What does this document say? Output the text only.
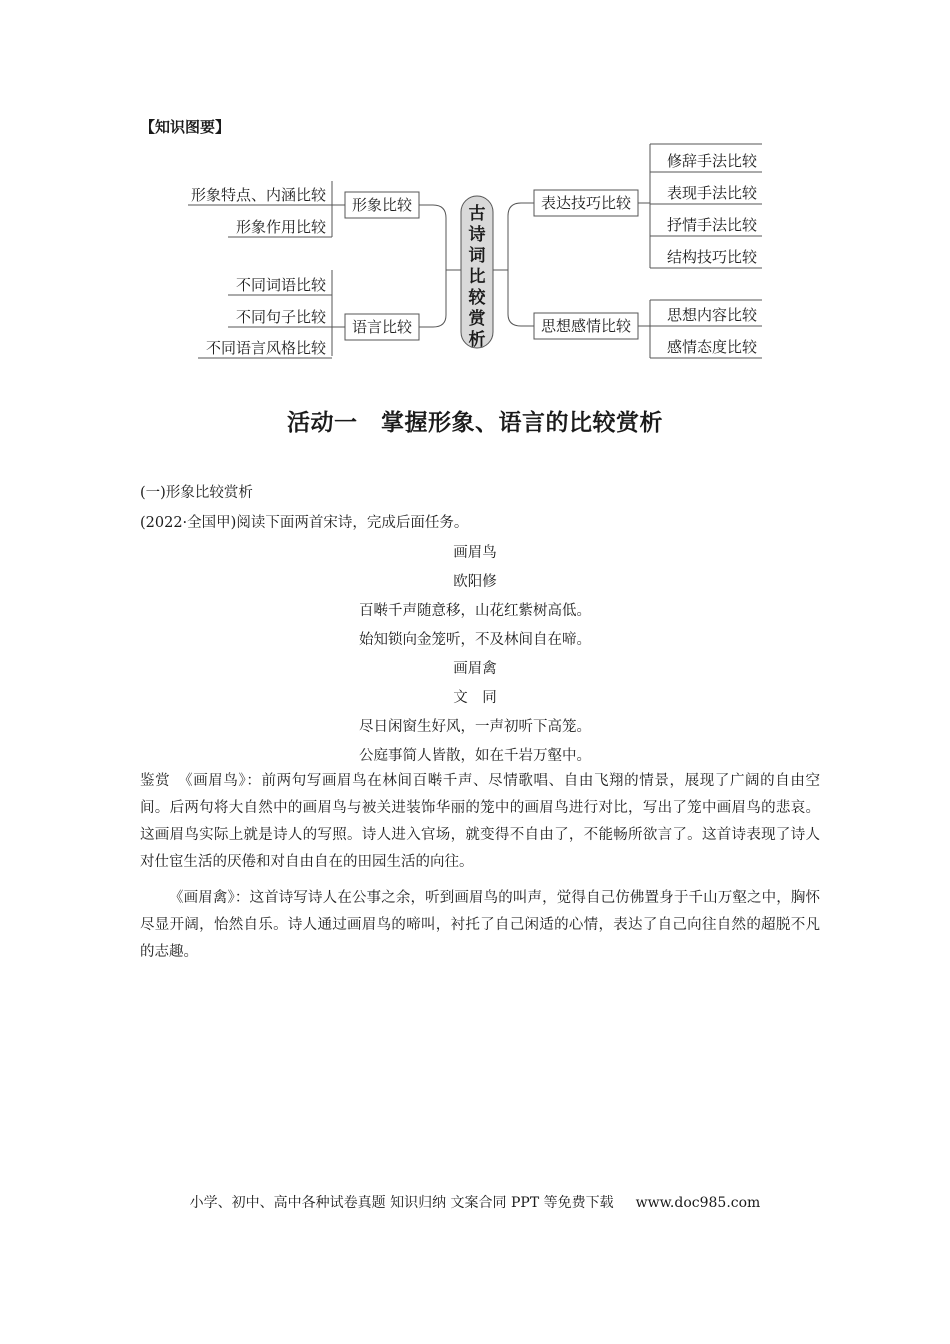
【知识图要】
古
诗
词
比
较
赏
析
形象比较
语言比较
表达技巧比较
思想感情比较
形象特点、内涵比较
形象作用比较
不同词语比较
不同句子比较
不同语言风格比较
修辞手法比较
表现手法比较
抒情手法比较
结构技巧比较
思想内容比较
感情态度比较
活动一　掌握形象、语言的比较赏析
(一)形象比较赏析
(2022·全国甲)阅读下面两首宋诗，完成后面任务。
画眉鸟
欧阳修
百啭千声随意移，山花红紫树高低。
始知锁向金笼听，不及林间自在啼。
画眉禽
文　同
尽日闲窗生好风，一声初听下高笼。
公庭事简人皆散，如在千岩万壑中。
鉴赏　《画眉鸟》：前两句写画眉鸟在林间百啭千声、尽情歌唱、自由飞翔的情景，展现了广阔的自由空间。后两句将大自然中的画眉鸟与被关进装饰华丽的笼中的画眉鸟进行对比，写出了笼中画眉鸟的悲哀。这画眉鸟实际上就是诗人的写照。诗人进入官场，就变得不自由了，不能畅所欲言了。这首诗表现了诗人对仕宦生活的厌倦和对自由自在的田园生活的向往。
《画眉禽》：这首诗写诗人在公事之余，听到画眉鸟的叫声，觉得自己仿佛置身于千山万壑之中，胸怀尽显开阔，怡然自乐。诗人通过画眉鸟的啼叫，衬托了自己闲适的心情，表达了自己向往自然的超脱不凡的志趣。
小学、初中、高中各种试卷真题 知识归纳 文案合同 PPT 等免费下载 www.doc985.com
